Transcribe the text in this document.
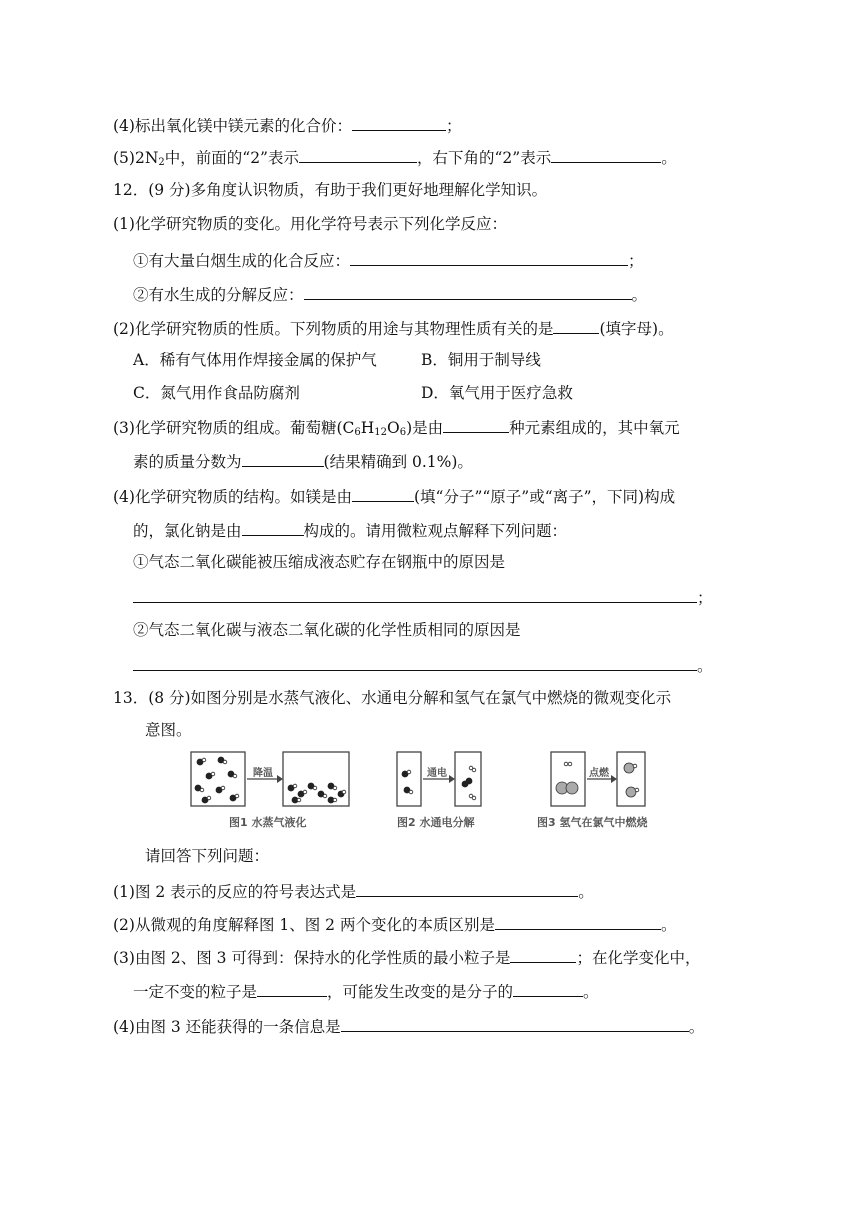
(4)标出氧化镁中镁元素的化合价：	；
$(5)2N_2$中，前面的“2”表示	，右下角的“2”表示	。
12．(9 分)多角度认识物质，有助于我们更好地理解化学知识。
(1)化学研究物质的变化。用化学符号表示下列化学反应：
①有大量白烟生成的化合反应：	；
②有水生成的分解反应：	。
(2)化学研究物质的性质。下列物质的用途与其物理性质有关的是	(填字母)。
A．稀有气体用作焊接金属的保护气	B．铜用于制导线
C．氮气用作食品防腐剂	D．氧气用于医疗急救
(3)化学研究物质的组成。葡萄糖$(C_6H_{12}O_6)$是由	种元素组成的，其中氧元
素的质量分数为	(结果精确到 0.1%)。
(4)化学研究物质的结构。如镁是由	(填“分子”“原子”或“离子”，下同)构成
的，氯化钠是由	构成的。请用微粒观点解释下列问题：
①气态二氧化碳能被压缩成液态贮存在钢瓶中的原因是
；
②气态二氧化碳与液态二氧化碳的化学性质相同的原因是
。
13．(8 分)如图分别是水蒸气液化、水通电分解和氢气在氯气中燃烧的微观变化示
意图。
降温	通电	点燃
图1 水蒸气液化	图2 水通电分解	图3 氢气在氯气中燃烧
请回答下列问题：
(1)图 2 表示的反应的符号表达式是	。
(2)从微观的角度解释图 1、图 2 两个变化的本质区别是	。
(3)由图 2、图 3 可得到：保持水的化学性质的最小粒子是	；在化学变化中，
一定不变的粒子是	，可能发生改变的是分子的	。
(4)由图 3 还能获得的一条信息是	。
